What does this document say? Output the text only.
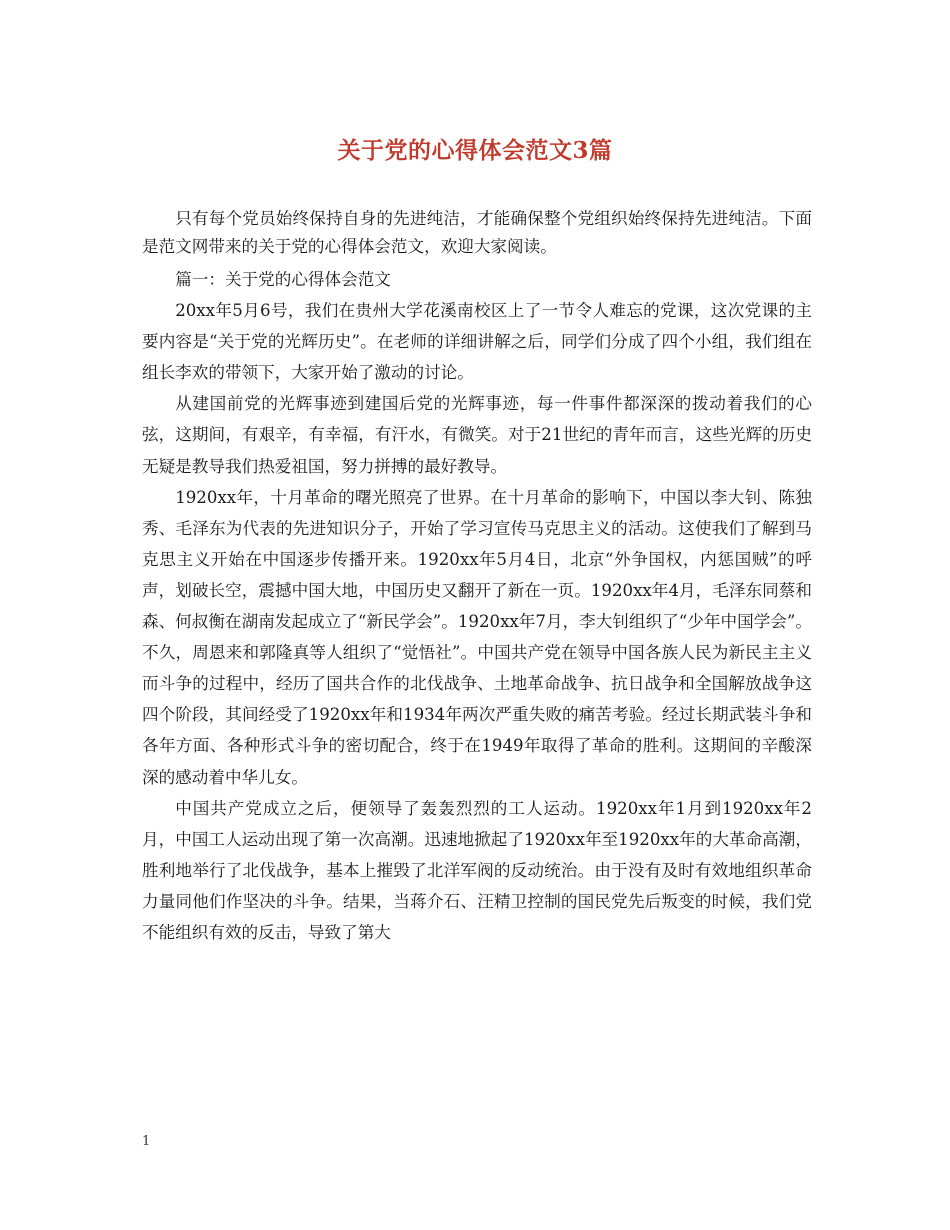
关于党的心得体会范文3篇

只有每个党员始终保持自身的先进纯洁，才能确保整个党组织始终保持先进纯洁。下面是范文网带来的关于党的心得体会范文，欢迎大家阅读。

篇一：关于党的心得体会范文

20xx年5月6号，我们在贵州大学花溪南校区上了一节令人难忘的党课，这次党课的主要内容是“关于党的光辉历史”。在老师的详细讲解之后，同学们分成了四个小组，我们组在组长李欢的带领下，大家开始了激动的讨论。

从建国前党的光辉事迹到建国后党的光辉事迹，每一件事件都深深的拨动着我们的心弦，这期间，有艰辛，有幸福，有汗水，有微笑。对于21世纪的青年而言，这些光辉的历史无疑是教导我们热爱祖国，努力拼搏的最好教导。

1920xx年，十月革命的曙光照亮了世界。在十月革命的影响下，中国以李大钊、陈独秀、毛泽东为代表的先进知识分子，开始了学习宣传马克思主义的活动。这使我们了解到马克思主义开始在中国逐步传播开来。1920xx年5月4日，北京“外争国权，内惩国贼”的呼声，划破长空，震撼中国大地，中国历史又翻开了新在一页。1920xx年4月，毛泽东同蔡和森、何叔衡在湖南发起成立了“新民学会”。1920xx年7月，李大钊组织了“少年中国学会”。不久，周恩来和郭隆真等人组织了“觉悟社”。中国共产党在领导中国各族人民为新民主主义而斗争的过程中，经历了国共合作的北伐战争、土地革命战争、抗日战争和全国解放战争这四个阶段，其间经受了1920xx年和1934年两次严重失败的痛苦考验。经过长期武装斗争和各年方面、各种形式斗争的密切配合，终于在1949年取得了革命的胜利。这期间的辛酸深深的感动着中华儿女。

中国共产党成立之后，便领导了轰轰烈烈的工人运动。1920xx年1月到1920xx年2月，中国工人运动出现了第一次高潮。迅速地掀起了1920xx年至1920xx年的大革命高潮，胜利地举行了北伐战争，基本上摧毁了北洋军阀的反动统治。由于没有及时有效地组织革命力量同他们作坚决的斗争。结果，当蒋介石、汪精卫控制的国民党先后叛变的时候，我们党不能组织有效的反击，导致了第大

1
